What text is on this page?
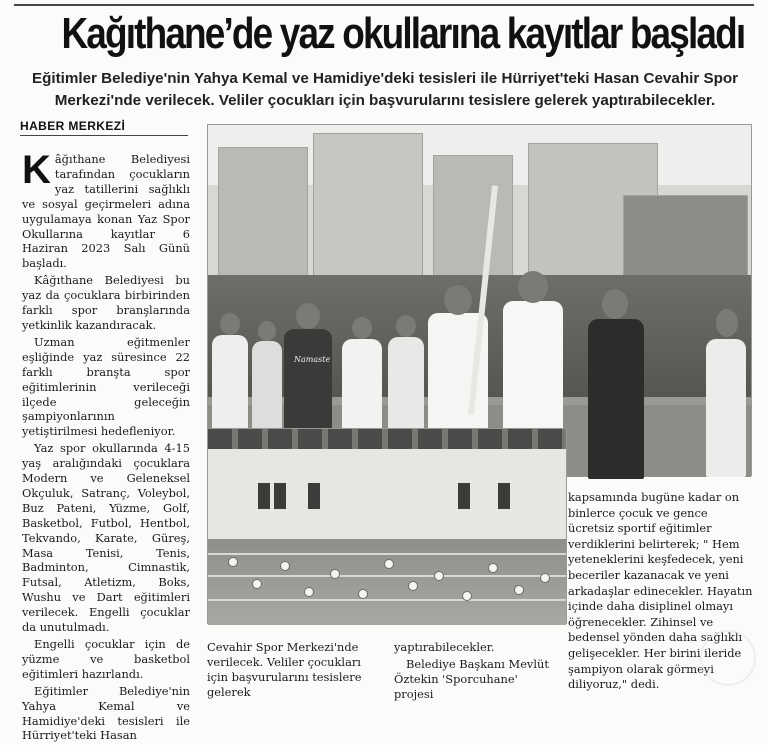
Kağıthane’de yaz okullarına kayıtlar başladı
Eğitimler Belediye'nin Yahya Kemal ve Hamidiye'deki tesisleri ile Hürriyet'teki Hasan Cevahir Spor Merkezi'nde verilecek. Veliler çocukları için başvurularını tesislere gelerek yaptırabilecekler.
HABER MERKEZİ

Kâğıthane Belediyesi tarafından çocukların yaz tatillerini sağlıklı ve sosyal geçirmeleri adına uygulamaya konan Yaz Spor Okullarına kayıtlar 6 Haziran 2023 Salı Günü başladı.

Kâğıthane Belediyesi bu yaz da çocuklara birbirinden farklı spor branşlarında yetkinlik kazandıracak.

Uzman eğitmenler eşliğinde yaz süresince 22 farklı branşta spor eğitimlerinin verileceği ilçede geleceğin şampiyonlarının yetiştirilmesi hedefleniyor.

Yaz spor okullarında 4-15 yaş aralığındaki çocuklara Modern ve Geleneksel Okçuluk, Satranç, Voleybol, Buz Pateni, Yüzme, Golf, Basketbol, Futbol, Hentbol, Tekvando, Karate, Güreş, Masa Tenisi, Tenis, Badminton, Cimnastik, Futsal, Atletizm, Boks, Wushu ve Dart eğitimleri verilecek. Engelli çocuklar da unutulmadı.

Engelli çocuklar için de yüzme ve basketbol eğitimleri hazırlandı.

Eğitimler Belediye'nin Yahya Kemal ve Hamidiye'deki tesisleri ile Hürriyet'teki Hasan

Namaste

Cevahir Spor Merkezi'nde verilecek. Veliler çocukları için başvurularını tesislere gelerek

yaptırabilecekler.

Belediye Başkanı Mevlüt Öztekin 'Sporcuhane' projesi

kapsamında bugüne kadar on binlerce çocuk ve gence ücretsiz sportif eğitimler verdiklerini belirterek; " Hem yeteneklerini keşfedecek, yeni beceriler kazanacak ve yeni arkadaşlar edinecekler. Hayatın içinde daha disiplinel olmayı öğrenecekler. Zihinsel ve bedensel yönden daha sağlıklı gelişecekler. Her birini ileride şampiyon olarak görmeyi diliyoruz," dedi.
